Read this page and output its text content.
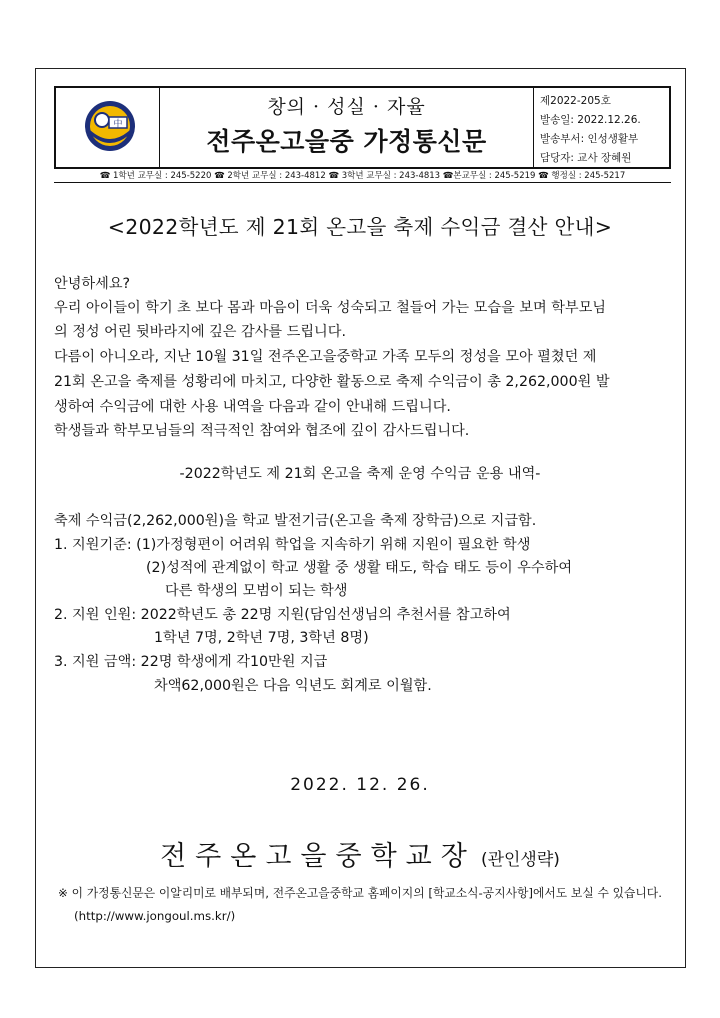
中
창의 · 성실 · 자율
전주온고을중 가정통신문
제2022-205호
발송일: 2022.12.26.
발송부서: 인성생활부
담당자: 교사 장혜원
☎ 1학년 교무실 : 245-5220 ☎ 2학년 교무실 : 243-4812 ☎ 3학년 교무실 : 243-4813 ☎본교무실 : 245-5219 ☎ 행정실 : 245-5217
<2022학년도 제 21회 온고을 축제 수익금 결산 안내>
안녕하세요?
우리 아이들이 학기 초 보다 몸과 마음이 더욱 성숙되고 철들어 가는 모습을 보며 학부모님
의 정성 어린 뒷바라지에 깊은 감사를 드립니다.
다름이 아니오라, 지난 10월 31일 전주온고을중학교 가족 모두의 정성을 모아 펼쳤던 제
21회 온고을 축제를 성황리에 마치고, 다양한 활동으로 축제 수익금이 총 2,262,000원 발
생하여 수익금에 대한 사용 내역을 다음과 같이 안내해 드립니다.
학생들과 학부모님들의 적극적인 참여와 협조에 깊이 감사드립니다.
-2022학년도 제 21회 온고을 축제 운영 수익금 운용 내역-
축제 수익금(2,262,000원)을 학교 발전기금(온고을 축제 장학금)으로 지급함.
1. 지원기준: (1)가정형편이 어려워 학업을 지속하기 위해 지원이 필요한 학생
(2)성적에 관계없이 학교 생활 중 생활 태도, 학습 태도 등이 우수하여
다른 학생의 모범이 되는 학생
2. 지원 인원: 2022학년도 총 22명 지원(담임선생님의 추천서를 참고하여
1학년 7명, 2학년 7명, 3학년 8명)
3. 지원 금액: 22명 학생에게 각10만원 지급
차액62,000원은 다음 익년도 회계로 이월함.
2022. 12. 26.
전주온고을중학교장 (관인생략)
※ 이 가정통신문은 이알리미로 배부되며, 전주온고을중학교 홈페이지의 [학교소식-공지사항]에서도 보실 수 있습니다.
(http://www.jongoul.ms.kr/)
